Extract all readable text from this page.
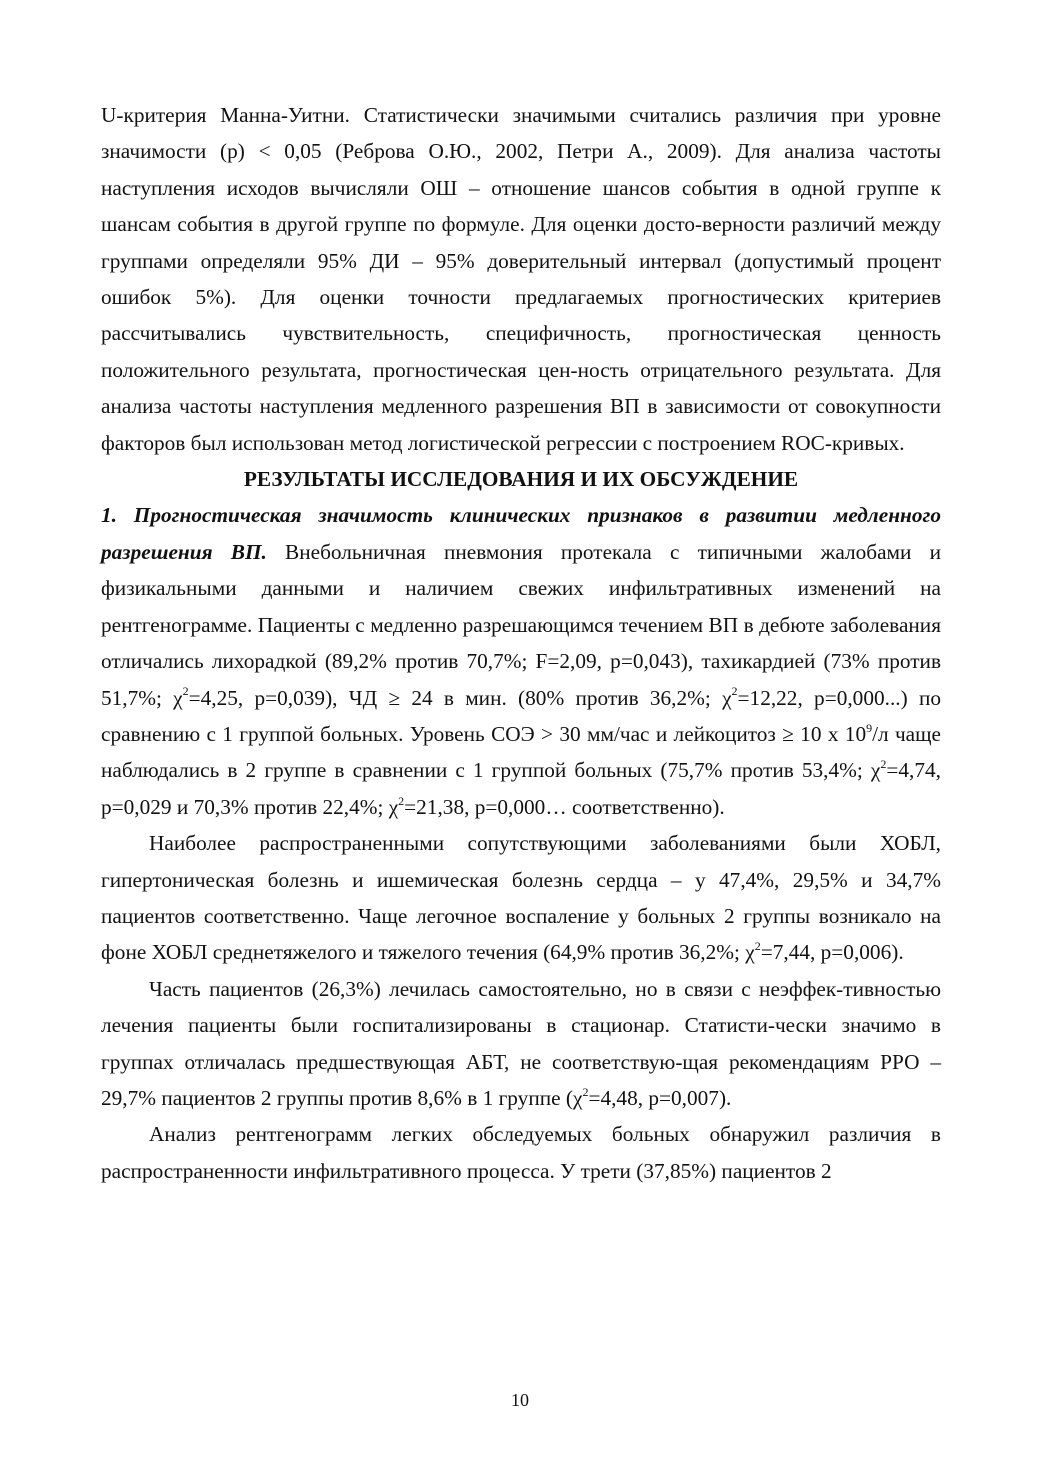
U-критерия Манна-Уитни. Статистически значимыми считались различия при уровне значимости (p) < 0,05 (Реброва О.Ю., 2002, Петри А., 2009). Для анализа частоты наступления исходов вычисляли ОШ – отношение шансов события в одной группе к шансам события в другой группе по формуле. Для оценки досто-верности различий между группами определяли 95% ДИ – 95% доверительный интервал (допустимый процент ошибок 5%). Для оценки точности предлагаемых прогностических критериев рассчитывались чувствительность, специфичность, прогностическая ценность положительного результата, прогностическая цен-ность отрицательного результата. Для анализа частоты наступления медленного разрешения ВП в зависимости от совокупности факторов был использован метод логистической регрессии с построением ROC-кривых.

РЕЗУЛЬТАТЫ ИССЛЕДОВАНИЯ И ИХ ОБСУЖДЕНИЕ

1. Прогностическая значимость клинических признаков в развитии медленного разрешения ВП. Внебольничная пневмония протекала с типичными жалобами и физикальными данными и наличием свежих инфильтративных изменений на рентгенограмме. Пациенты с медленно разрешающимся течением ВП в дебюте заболевания отличались лихорадкой (89,2% против 70,7%; F=2,09, p=0,043), тахикардией (73% против 51,7%; $\chi^2=4,25$, p=0,039), ЧД ≥ 24 в мин. (80% против 36,2%; $\chi^2=12,22$, p=0,000...) по сравнению с 1 группой больных. Уровень СОЭ > 30 мм/час и лейкоцитоз ≥ 10 х $10^9/л$ чаще наблюдались в 2 группе в сравнении с 1 группой больных (75,7% против 53,4%; $\chi^2=4,74$, p=0,029 и 70,3% против 22,4%; $\chi^2=21,38$, p=0,000… соответственно).

Наиболее распространенными сопутствующими заболеваниями были ХОБЛ, гипертоническая болезнь и ишемическая болезнь сердца – у 47,4%, 29,5% и 34,7% пациентов соответственно. Чаще легочное воспаление у больных 2 группы возникало на фоне ХОБЛ среднетяжелого и тяжелого течения (64,9% против 36,2%; $\chi^2=7,44$, p=0,006).

Часть пациентов (26,3%) лечилась самостоятельно, но в связи с неэффек-тивностью лечения пациенты были госпитализированы в стационар. Статисти-чески значимо в группах отличалась предшествующая АБТ, не соответствую-щая рекомендациям РРО – 29,7% пациентов 2 группы против 8,6% в 1 группе ($\chi^2=4,48$, p=0,007).

Анализ рентгенограмм легких обследуемых больных обнаружил различия в распространенности инфильтративного процесса. У трети (37,85%) пациентов 2

10
